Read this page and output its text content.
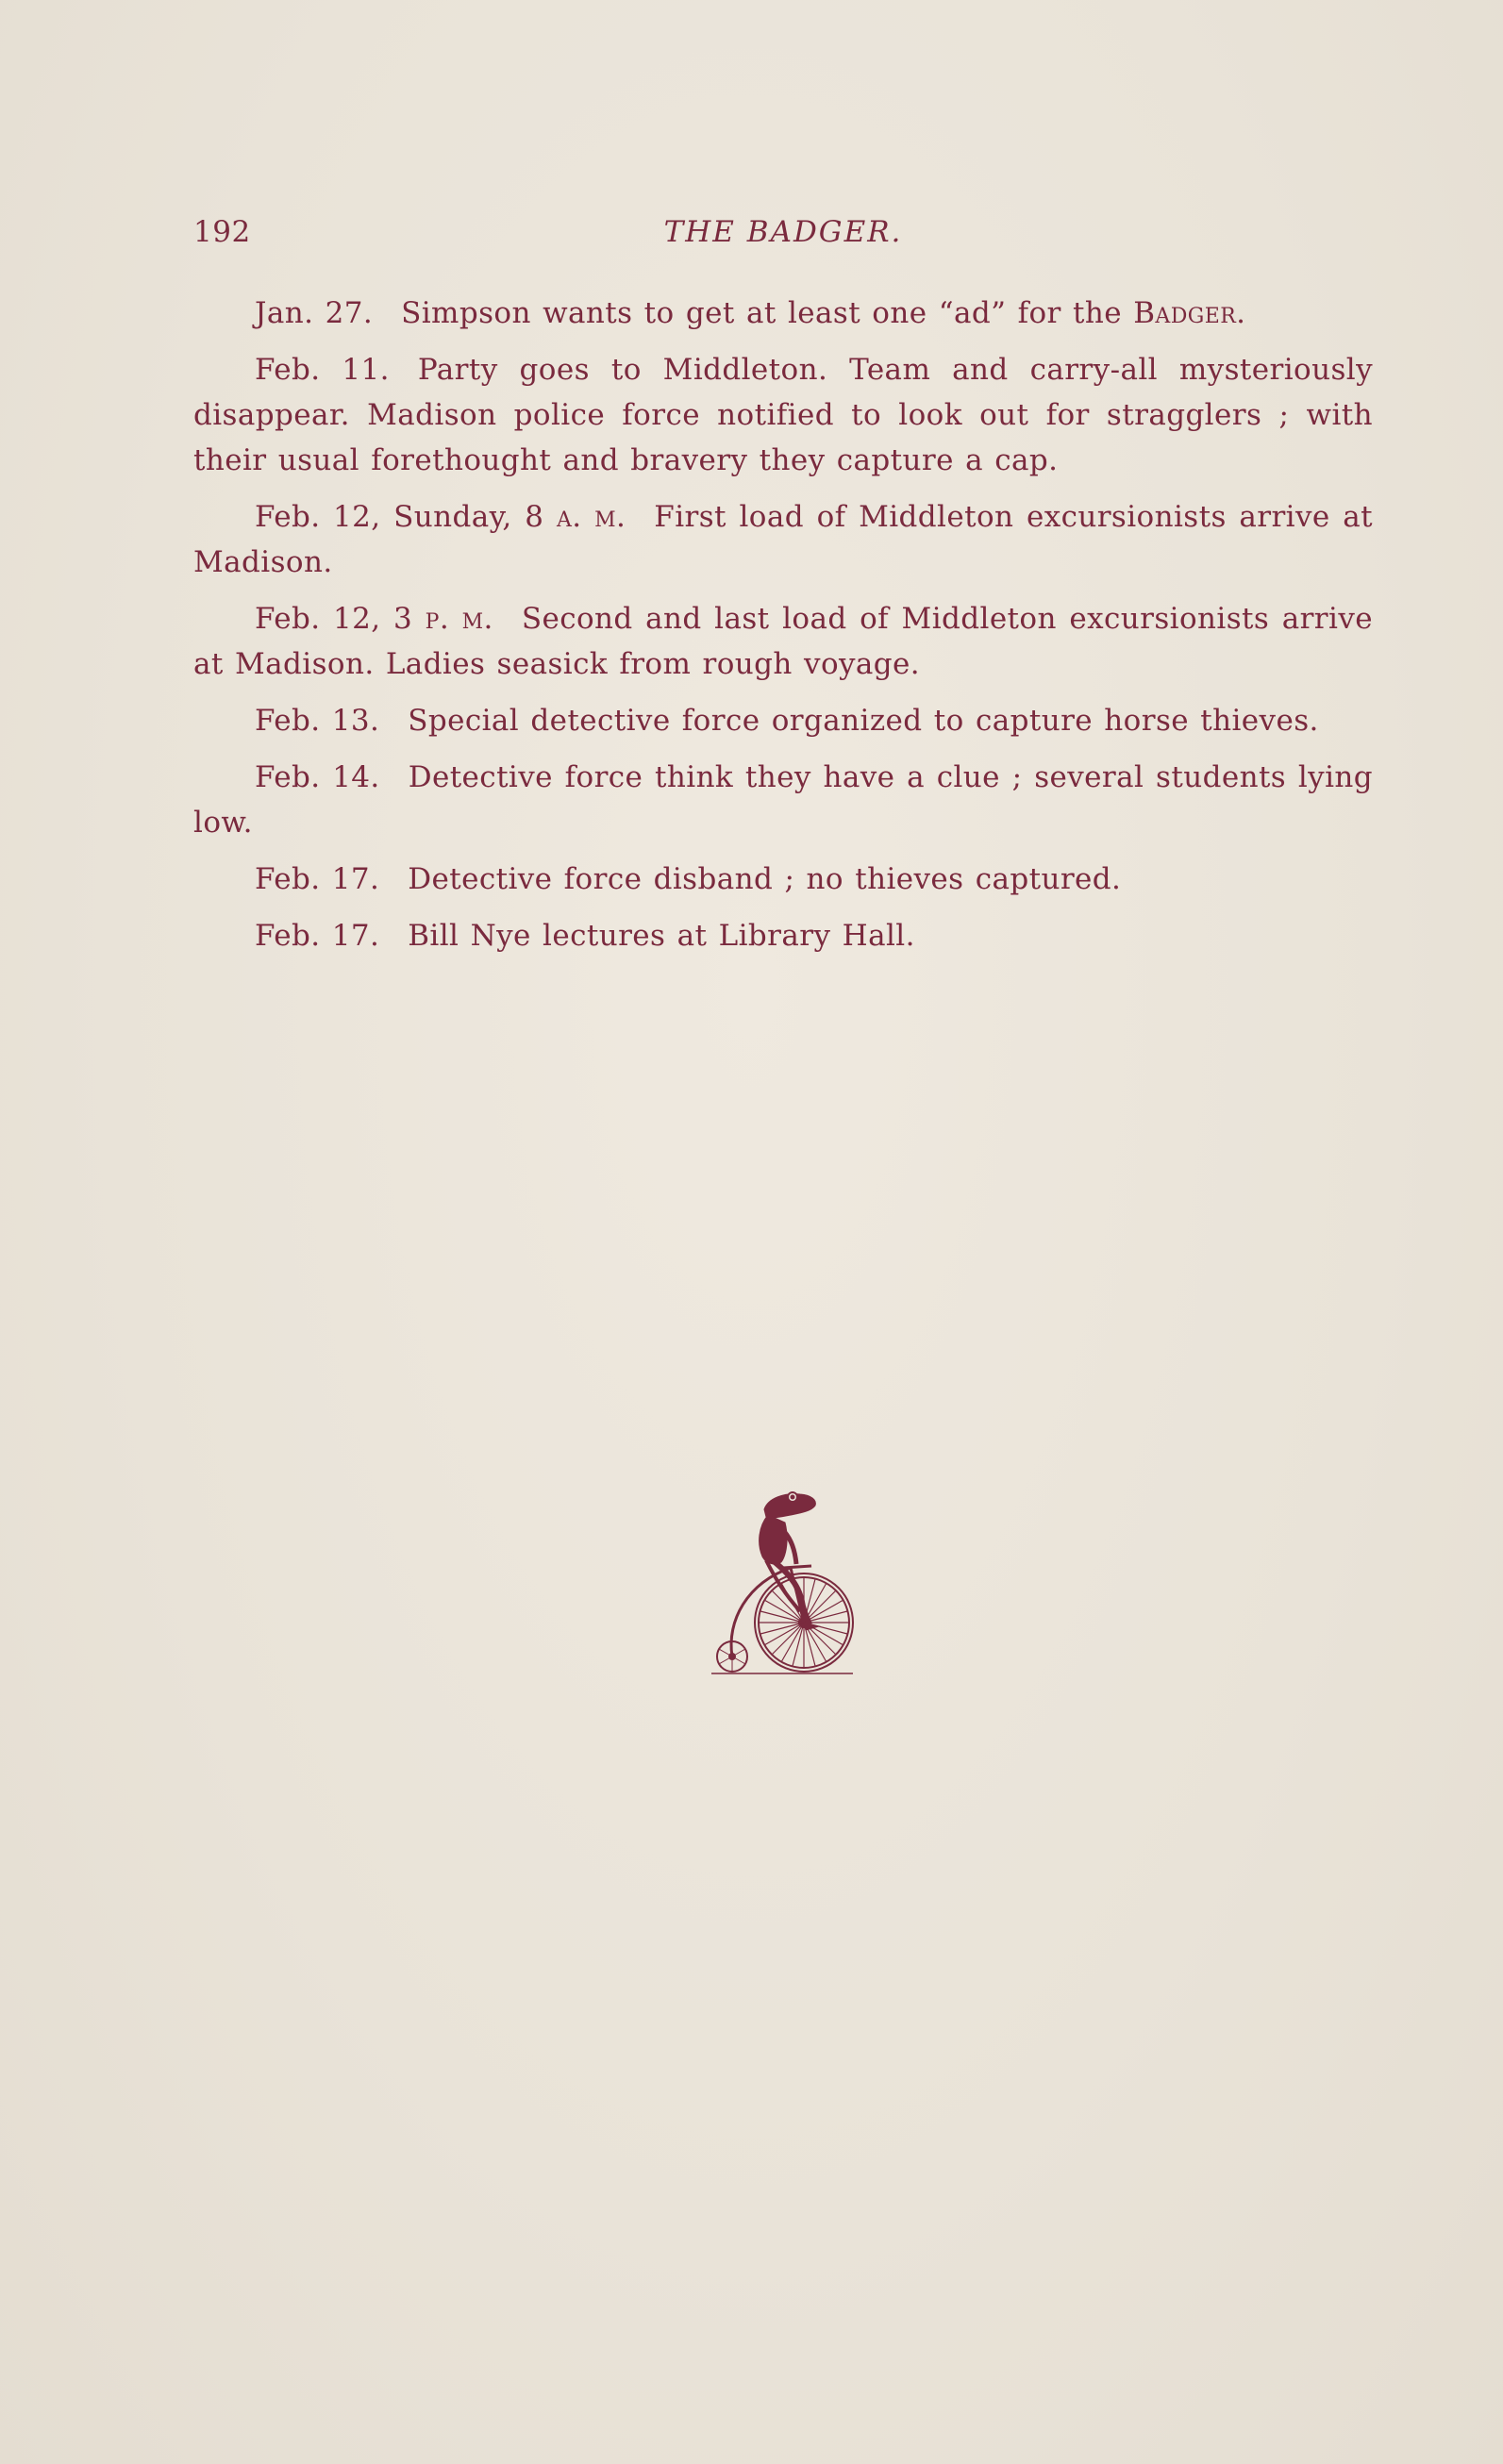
192	THE BADGER.

Jan. 27. Simpson wants to get at least one “ad” for the Badger.

Feb. 11. Party goes to Middleton. Team and carry-all mysteriously disappear. Madison police force notified to look out for stragglers ; with their usual forethought and bravery they capture a cap.

Feb. 12, Sunday, 8 a. m. First load of Middleton excursionists arrive at Madison.

Feb. 12, 3 p. m. Second and last load of Middleton excursionists arrive at Madison. Ladies seasick from rough voyage.

Feb. 13. Special detective force organized to capture horse thieves.

Feb. 14. Detective force think they have a clue ; several students lying low.

Feb. 17. Detective force disband ; no thieves captured.

Feb. 17. Bill Nye lectures at Library Hall.
